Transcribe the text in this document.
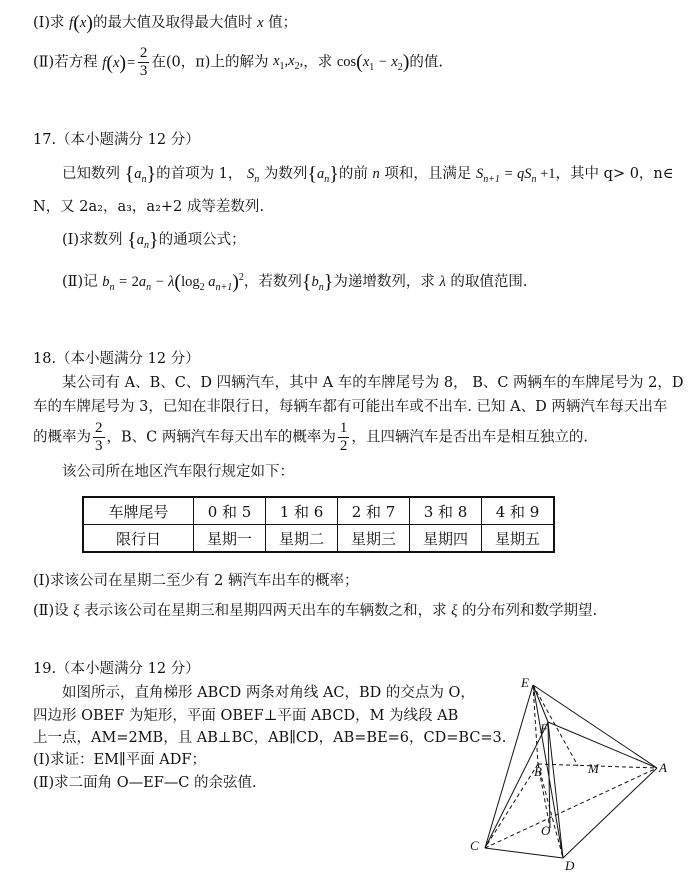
(Ⅰ)求 f(x)的最大值及取得最大值时 x 值；
(Ⅱ)若方程 $f(x)= \frac{2}{3}$ 在(0，π)上的解为 $x_1,x_2$,，求 $\cos(x_1 - x_2)$的值.
17.（本小题满分 12 分）
已知数列 $\{a_n\}$的首项为 1， $S_n$ 为数列$\{a_n\}$的前 n 项和，且满足 $S_{n+1} = qS_n +1$，其中 q> 0，n∈
N，又 2a₂，a₃，a₂+2 成等差数列.
(Ⅰ)求数列 $\{a_n\}$的通项公式；
(Ⅱ)记 $b_n = 2a_n - \lambda(\log_2$ $a_{n+1})^2$，若数列$\{b_n\}$为递增数列，求 λ 的取值范围.
18.（本小题满分 12 分）
某公司有 A、B、C、D 四辆汽车，其中 A 车的车牌尾号为 8， B、C 两辆车的车牌尾号为 2，D
车的车牌尾号为 3，已知在非限行日，每辆车都有可能出车或不出车. 已知 A、D 两辆汽车每天出车
的概率为 $\frac{2}{3}$ ，B、C 两辆汽车每天出车的概率为 $\frac{1}{2}$ ，且四辆汽车是否出车是相互独立的.
该公司所在地区汽车限行规定如下：
车牌尾号	0 和 5	1 和 6	2 和 7	3 和 8	4 和 9
限行日	星期一	星期二	星期三	星期四	星期五
(Ⅰ)求该公司在星期二至少有 2 辆汽车出车的概率；
(Ⅱ)设 ξ 表示该公司在星期三和星期四两天出车的车辆数之和，求 ξ 的分布列和数学期望.
19.（本小题满分 12 分）
如图所示，直角梯形 ABCD 两条对角线 AC，BD 的交点为 O，
四边形 OBEF 为矩形，平面 OBEF⊥平面 ABCD，M 为线段 AB
上一点，AM=2MB，且 AB⊥BC，AB∥CD，AB=BE=6，CD=BC=3.
(Ⅰ)求证：EM∥平面 ADF；
(Ⅱ)求二面角 O—EF—C 的余弦值.
E
F
B	M	A
O
C
D
